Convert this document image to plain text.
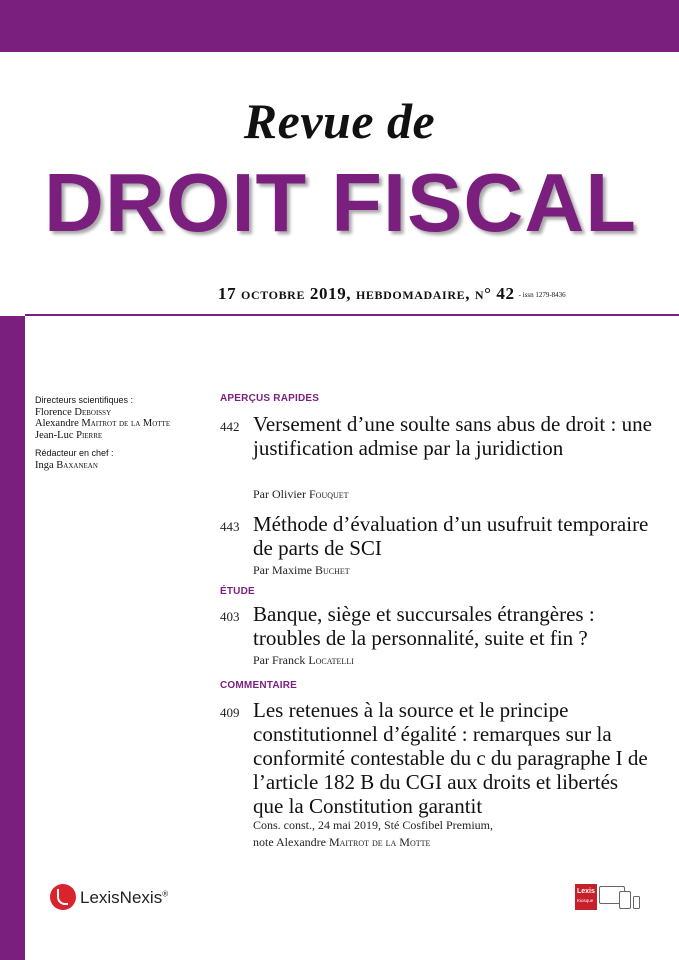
Revue de
DROIT FISCAL
17 octobre 2019, hebdomadaire, n° 42 - issn 1279-8436
Directeurs scientifiques :
Florence Deboissy
Alexandre Maitrot de la Motte
Jean-Luc Pierre
Rédacteur en chef :
Inga Baxanean
APERÇUS RAPIDES
442 Versement d’une soulte sans abus de droit : une justification admise par la juridiction
Par Olivier Fouquet
443 Méthode d’évaluation d’un usufruit temporaire de parts de SCI
Par Maxime Buchet
ÉTUDE
403 Banque, siège et succursales étrangères : troubles de la personnalité, suite et fin ?
Par Franck Locatelli
COMMENTAIRE
409 Les retenues à la source et le principe constitutionnel d’égalité : remarques sur la conformité contestable du c du paragraphe I de l’article 182 B du CGI aux droits et libertés que la Constitution garantit
Cons. const., 24 mai 2019, Sté Cosfibel Premium,
note Alexandre Maitrot de la Motte
LexisNexis®	Lexis
Kiosque
